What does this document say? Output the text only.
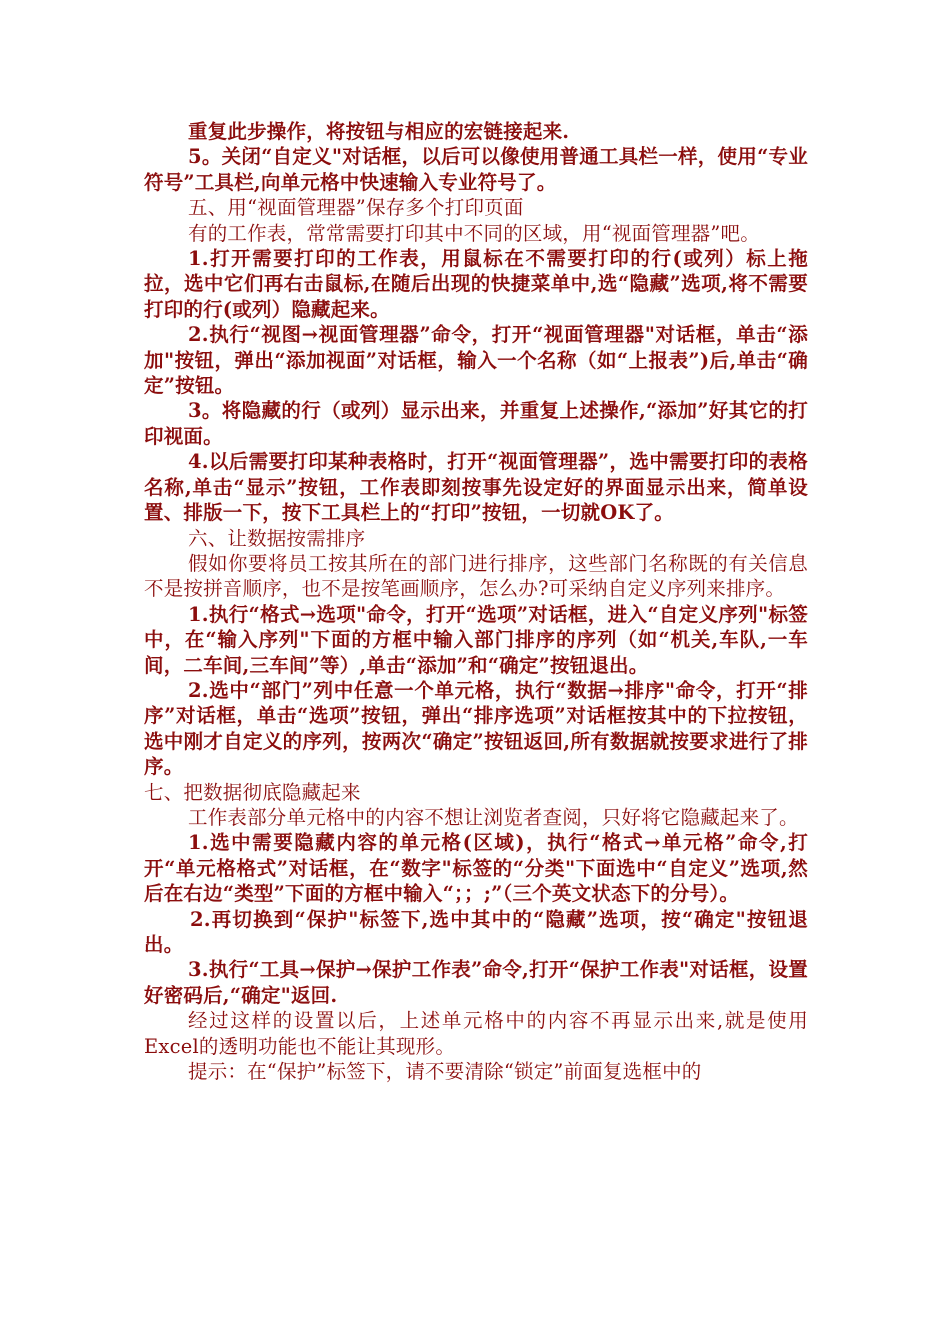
重复此步操作，将按钮与相应的宏链接起来.

5。关闭“自定义"对话框，以后可以像使用普通工具栏一样，使用“专业符号”工具栏,向单元格中快速输入专业符号了。

五、用“视面管理器”保存多个打印页面

有的工作表，常常需要打印其中不同的区域，用“视面管理器”吧。

1.打开需要打印的工作表，用鼠标在不需要打印的行(或列）标上拖拉，选中它们再右击鼠标,在随后出现的快捷菜单中,选“隐藏”选项,将不需要打印的行(或列）隐藏起来。

2.执行“视图→视面管理器”命令，打开“视面管理器"对话框，单击“添加"按钮，弹出“添加视面”对话框，输入一个名称（如“上报表”)后,单击“确定”按钮。

3。将隐藏的行（或列）显示出来，并重复上述操作,“添加”好其它的打印视面。

4.以后需要打印某种表格时，打开“视面管理器”，选中需要打印的表格名称,单击“显示”按钮，工作表即刻按事先设定好的界面显示出来，简单设置、排版一下，按下工具栏上的“打印”按钮，一切就OK了。

六、让数据按需排序

假如你要将员工按其所在的部门进行排序，这些部门名称既的有关信息不是按拼音顺序，也不是按笔画顺序，怎么办?可采纳自定义序列来排序。

1.执行“格式→选项"命令，打开“选项”对话框，进入“自定义序列"标签中，在“输入序列"下面的方框中输入部门排序的序列（如“机关,车队,一车间，二车间,三车间”等）,单击“添加”和“确定”按钮退出。

2.选中“部门”列中任意一个单元格，执行“数据→排序"命令，打开“排序”对话框，单击“选项”按钮，弹出“排序选项”对话框按其中的下拉按钮，选中刚才自定义的序列，按两次“确定”按钮返回,所有数据就按要求进行了排序。

七、把数据彻底隐藏起来

工作表部分单元格中的内容不想让浏览者查阅，只好将它隐藏起来了。

1.选中需要隐藏内容的单元格(区域)，执行“格式→单元格”命令,打开“单元格格式”对话框，在“数字"标签的“分类"下面选中“自定义”选项,然后在右边“类型”下面的方框中输入“；；;”（三个英文状态下的分号）。

2.再切换到“保护"标签下,选中其中的“隐藏”选项，按“确定"按钮退出。

3.执行“工具→保护→保护工作表”命令,打开“保护工作表"对话框，设置好密码后,“确定"返回.

经过这样的设置以后，上述单元格中的内容不再显示出来,就是使用Excel的透明功能也不能让其现形。

提示：在“保护”标签下，请不要清除“锁定”前面复选框中的
